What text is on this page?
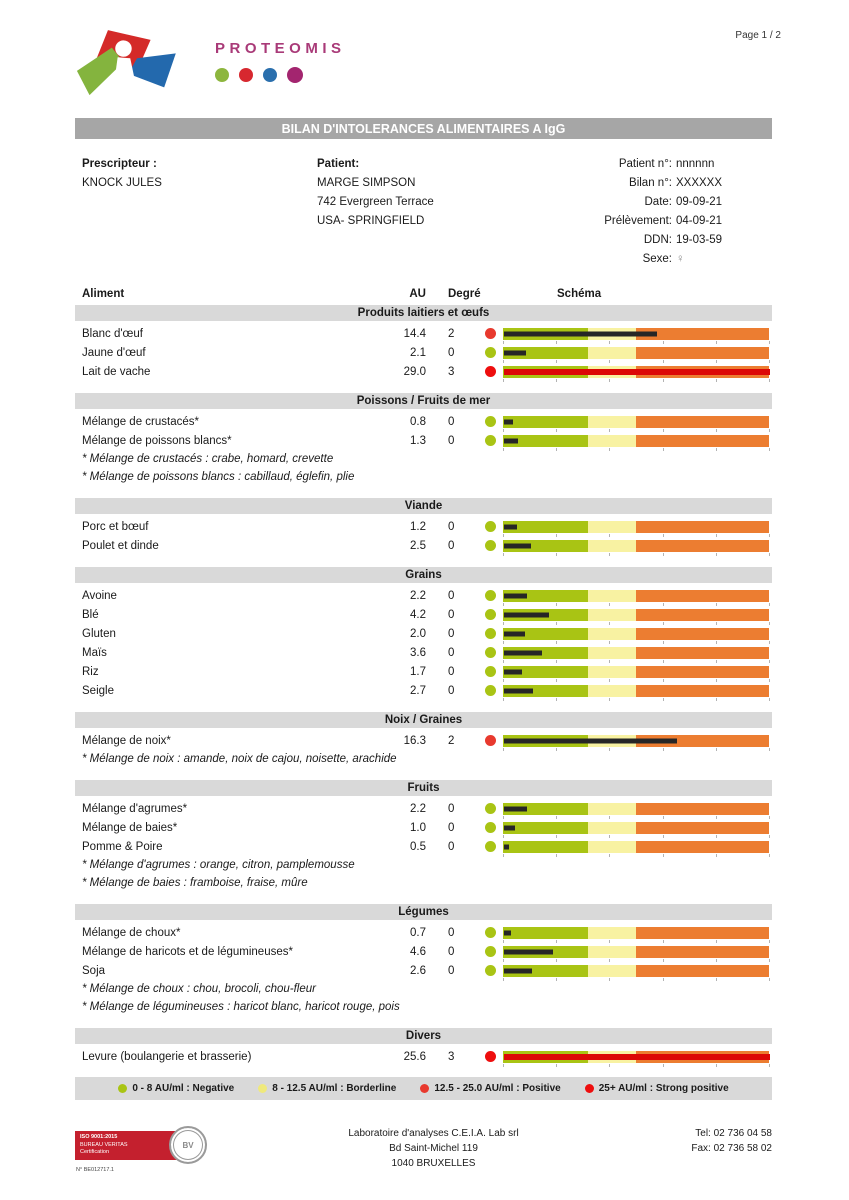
Page 1 / 2
PROTEOMIS
BILAN D'INTOLERANCES ALIMENTAIRES A IgG
Prescripteur :
KNOCK JULES
Patient:
MARGE SIMPSON
742 Evergreen Terrace
USA- SPRINGFIELD
Patient n°: nnnnnn
Bilan n°: XXXXXX
Date: 09-09-21
Prélèvement: 04-09-21
DDN: 19-03-59
Sexe: ♀
Aliment	AU	Degré	Schéma
Produits laitiers et œufs
Blanc d'œuf	14.4	2
Jaune d'œuf	2.1	0
Lait de vache	29.0	3
Poissons / Fruits de mer
Mélange de crustacés*	0.8	0
Mélange de poissons blancs*	1.3	0
* Mélange de crustacés : crabe, homard, crevette
* Mélange de poissons blancs : cabillaud, églefin, plie
Viande
Porc et bœuf	1.2	0
Poulet et dinde	2.5	0
Grains
Avoine	2.2	0
Blé	4.2	0
Gluten	2.0	0
Maïs	3.6	0
Riz	1.7	0
Seigle	2.7	0
Noix / Graines
Mélange de noix*	16.3	2
* Mélange de noix : amande, noix de cajou, noisette, arachide
Fruits
Mélange d'agrumes*	2.2	0
Mélange de baies*	1.0	0
Pomme & Poire	0.5	0
* Mélange d'agrumes : orange, citron, pamplemousse
* Mélange de baies : framboise, fraise, mûre
Légumes
Mélange de choux*	0.7	0
Mélange de haricots et de légumineuses*	4.6	0
Soja	2.6	0
* Mélange de choux : chou, brocoli, chou-fleur
* Mélange de légumineuses : haricot blanc, haricot rouge, pois
Divers
Levure (boulangerie et brasserie)	25.6	3
0 - 8 AU/ml : Negative	8 - 12.5 AU/ml : Borderline	12.5 - 25.0 AU/ml : Positive	25+ AU/ml : Strong positive
ISO 9001:2015
BUREAU VERITAS
Certification
BV
N° BE012717.1
Laboratoire d'analyses C.E.I.A. Lab srl
Bd Saint-Michel 119
1040 BRUXELLES
Tel: 02 736 04 58
Fax: 02 736 58 02
